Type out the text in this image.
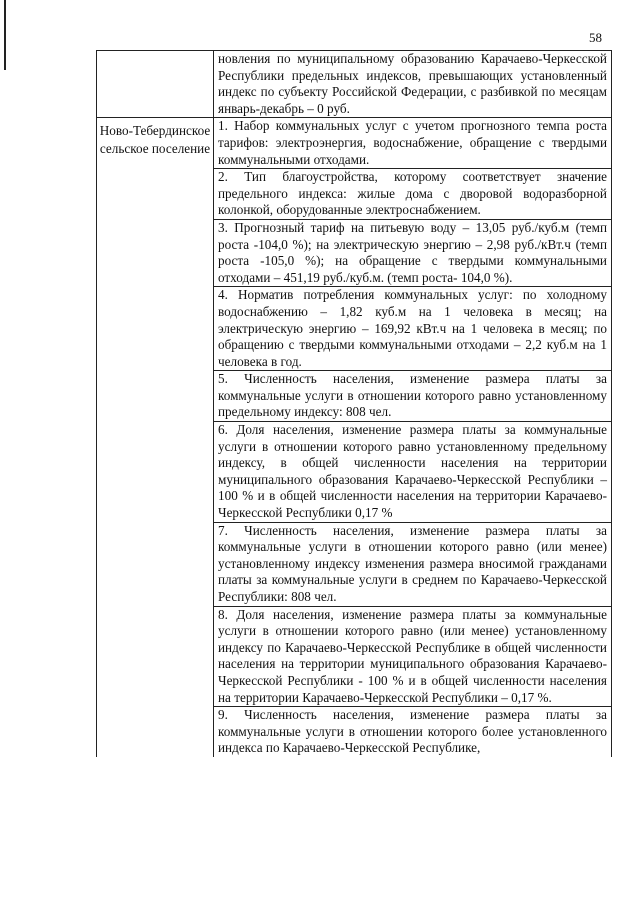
58

новления по муниципальному образованию Карачаево-Черкесской Республики предельных индексов, превышающих установленный индекс по субъекту Российской Федерации, с разбивкой по месяцам январь-декабрь – 0 руб.

Ново-Тебердинское сельское поселение

1. Набор коммунальных услуг с учетом прогнозного темпа роста тарифов: электроэнергия, водоснабжение, обращение с твердыми коммунальными отходами.

2. Тип благоустройства, которому соответствует значение предельного индекса: жилые дома с дворовой водоразборной колонкой, оборудованные электроснабжением.

3. Прогнозный тариф на питьевую воду – 13,05 руб./куб.м (темп роста -104,0 %); на электрическую энергию – 2,98 руб./кВт.ч (темп роста -105,0 %); на обращение с твердыми коммунальными отходами – 451,19 руб./куб.м. (темп роста- 104,0 %).

4. Норматив потребления коммунальных услуг: по холодному водоснабжению – 1,82 куб.м на 1 человека в месяц; на электрическую энергию – 169,92 кВт.ч на 1 человека в месяц; по обращению с твердыми коммунальными отходами – 2,2 куб.м на 1 человека в год.

5. Численность населения, изменение размера платы за коммунальные услуги в отношении которого равно установленному предельному индексу: 808 чел.

6. Доля населения, изменение размера платы за коммунальные услуги в отношении которого равно установленному предельному индексу, в общей численности населения на территории муниципального образования Карачаево-Черкесской Республики – 100 % и в общей численности населения на территории Карачаево-Черкесской Республики 0,17 %

7. Численность населения, изменение размера платы за коммунальные услуги в отношении которого равно (или менее) установленному индексу изменения размера вносимой гражданами платы за коммунальные услуги в среднем по Карачаево-Черкесской Республики: 808 чел.

8. Доля населения, изменение размера платы за коммунальные услуги в отношении которого равно (или менее) установленному индексу по Карачаево-Черкесской Республике в общей численности населения на территории муниципального образования Карачаево-Черкесской Республики - 100 % и в общей численности населения на территории Карачаево-Черкесской Республики – 0,17 %.

9. Численность населения, изменение размера платы за коммунальные услуги в отношении которого более установленного индекса по Карачаево-Черкесской Республике,
